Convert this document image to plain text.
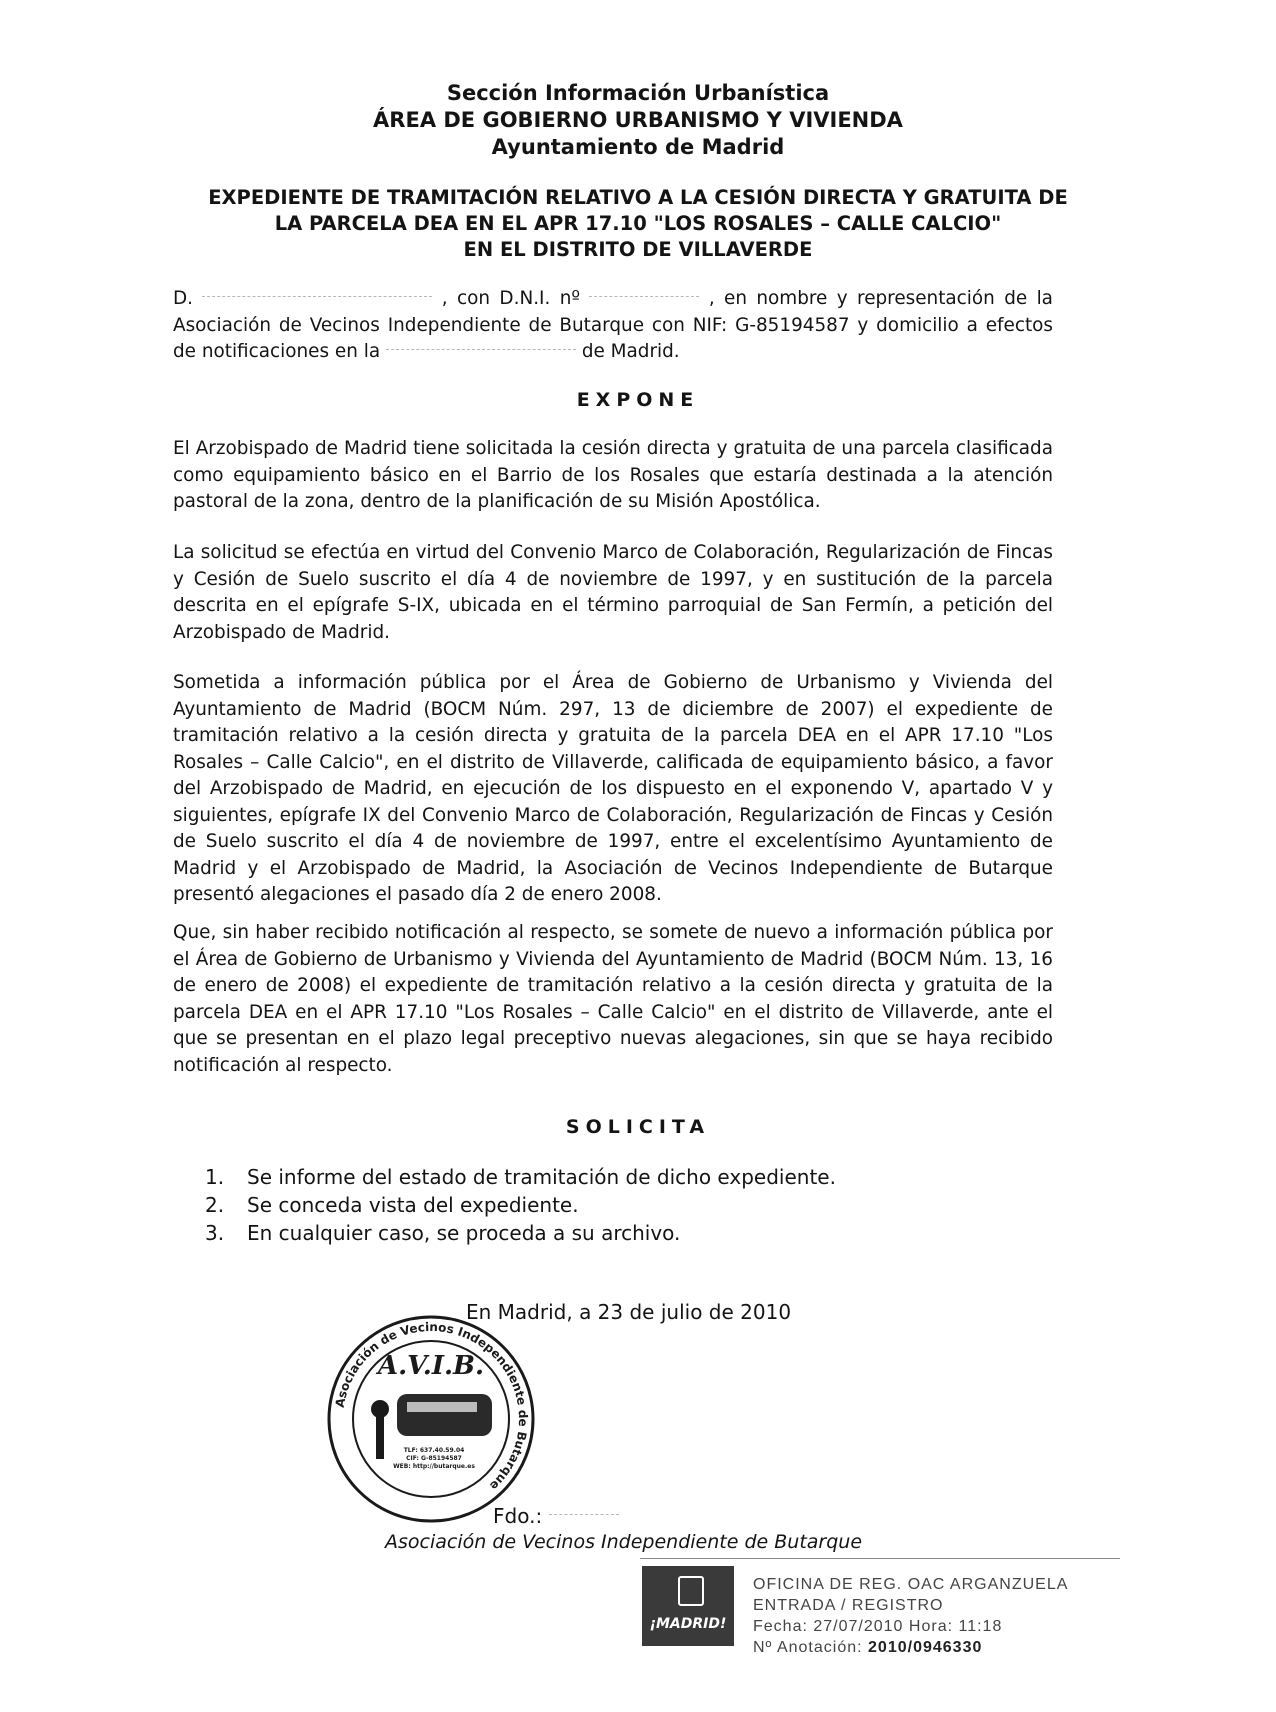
Sección Información Urbanística
ÁREA DE GOBIERNO URBANISMO Y VIVIENDA
Ayuntamiento de Madrid
EXPEDIENTE DE TRAMITACIÓN RELATIVO A LA CESIÓN DIRECTA Y GRATUITA DE
LA PARCELA DEA EN EL APR 17.10 "LOS ROSALES – CALLE CALCIO"
EN EL DISTRITO DE VILLAVERDE
D.	, con D.N.I. nº	, en nombre y representación de la Asociación de Vecinos Independiente de Butarque con NIF: G-85194587 y domicilio a efectos de notificaciones en la	de Madrid.
EXPONE
El Arzobispado de Madrid tiene solicitada la cesión directa y gratuita de una parcela clasificada como equipamiento básico en el Barrio de los Rosales que estaría destinada a la atención pastoral de la zona, dentro de la planificación de su Misión Apostólica.
La solicitud se efectúa en virtud del Convenio Marco de Colaboración, Regularización de Fincas y Cesión de Suelo suscrito el día 4 de noviembre de 1997, y en sustitución de la parcela descrita en el epígrafe S-IX, ubicada en el término parroquial de San Fermín, a petición del Arzobispado de Madrid.
Sometida a información pública por el Área de Gobierno de Urbanismo y Vivienda del Ayuntamiento de Madrid (BOCM Núm. 297, 13 de diciembre de 2007) el expediente de tramitación relativo a la cesión directa y gratuita de la parcela DEA en el APR 17.10 "Los Rosales – Calle Calcio", en el distrito de Villaverde, calificada de equipamiento básico, a favor del Arzobispado de Madrid, en ejecución de los dispuesto en el exponendo V, apartado V y siguientes, epígrafe IX del Convenio Marco de Colaboración, Regularización de Fincas y Cesión de Suelo suscrito el día 4 de noviembre de 1997, entre el excelentísimo Ayuntamiento de Madrid y el Arzobispado de Madrid, la Asociación de Vecinos Independiente de Butarque presentó alegaciones el pasado día 2 de enero 2008.
Que, sin haber recibido notificación al respecto, se somete de nuevo a información pública por el Área de Gobierno de Urbanismo y Vivienda del Ayuntamiento de Madrid (BOCM Núm. 13, 16 de enero de 2008) el expediente de tramitación relativo a la cesión directa y gratuita de la parcela DEA en el APR 17.10 "Los Rosales – Calle Calcio" en el distrito de Villaverde, ante el que se presentan en el plazo legal preceptivo nuevas alegaciones, sin que se haya recibido notificación al respecto.
SOLICITA
1. Se informe del estado de tramitación de dicho expediente.
2. Se conceda vista del expediente.
3. En cualquier caso, se proceda a su archivo.
En Madrid, a 23 de julio de 2010
Asociación de Vecinos Independiente de Butarque
A.V.I.B.
TLF: 637.40.59.04
CIF: G-85194587
WEB: http://butarque.es
Fdo.:
Asociación de Vecinos Independiente de Butarque
¡MADRID!
OFICINA DE REG. OAC ARGANZUELA
ENTRADA / REGISTRO
Fecha: 27/07/2010 Hora: 11:18
Nº Anotación: 2010/0946330
